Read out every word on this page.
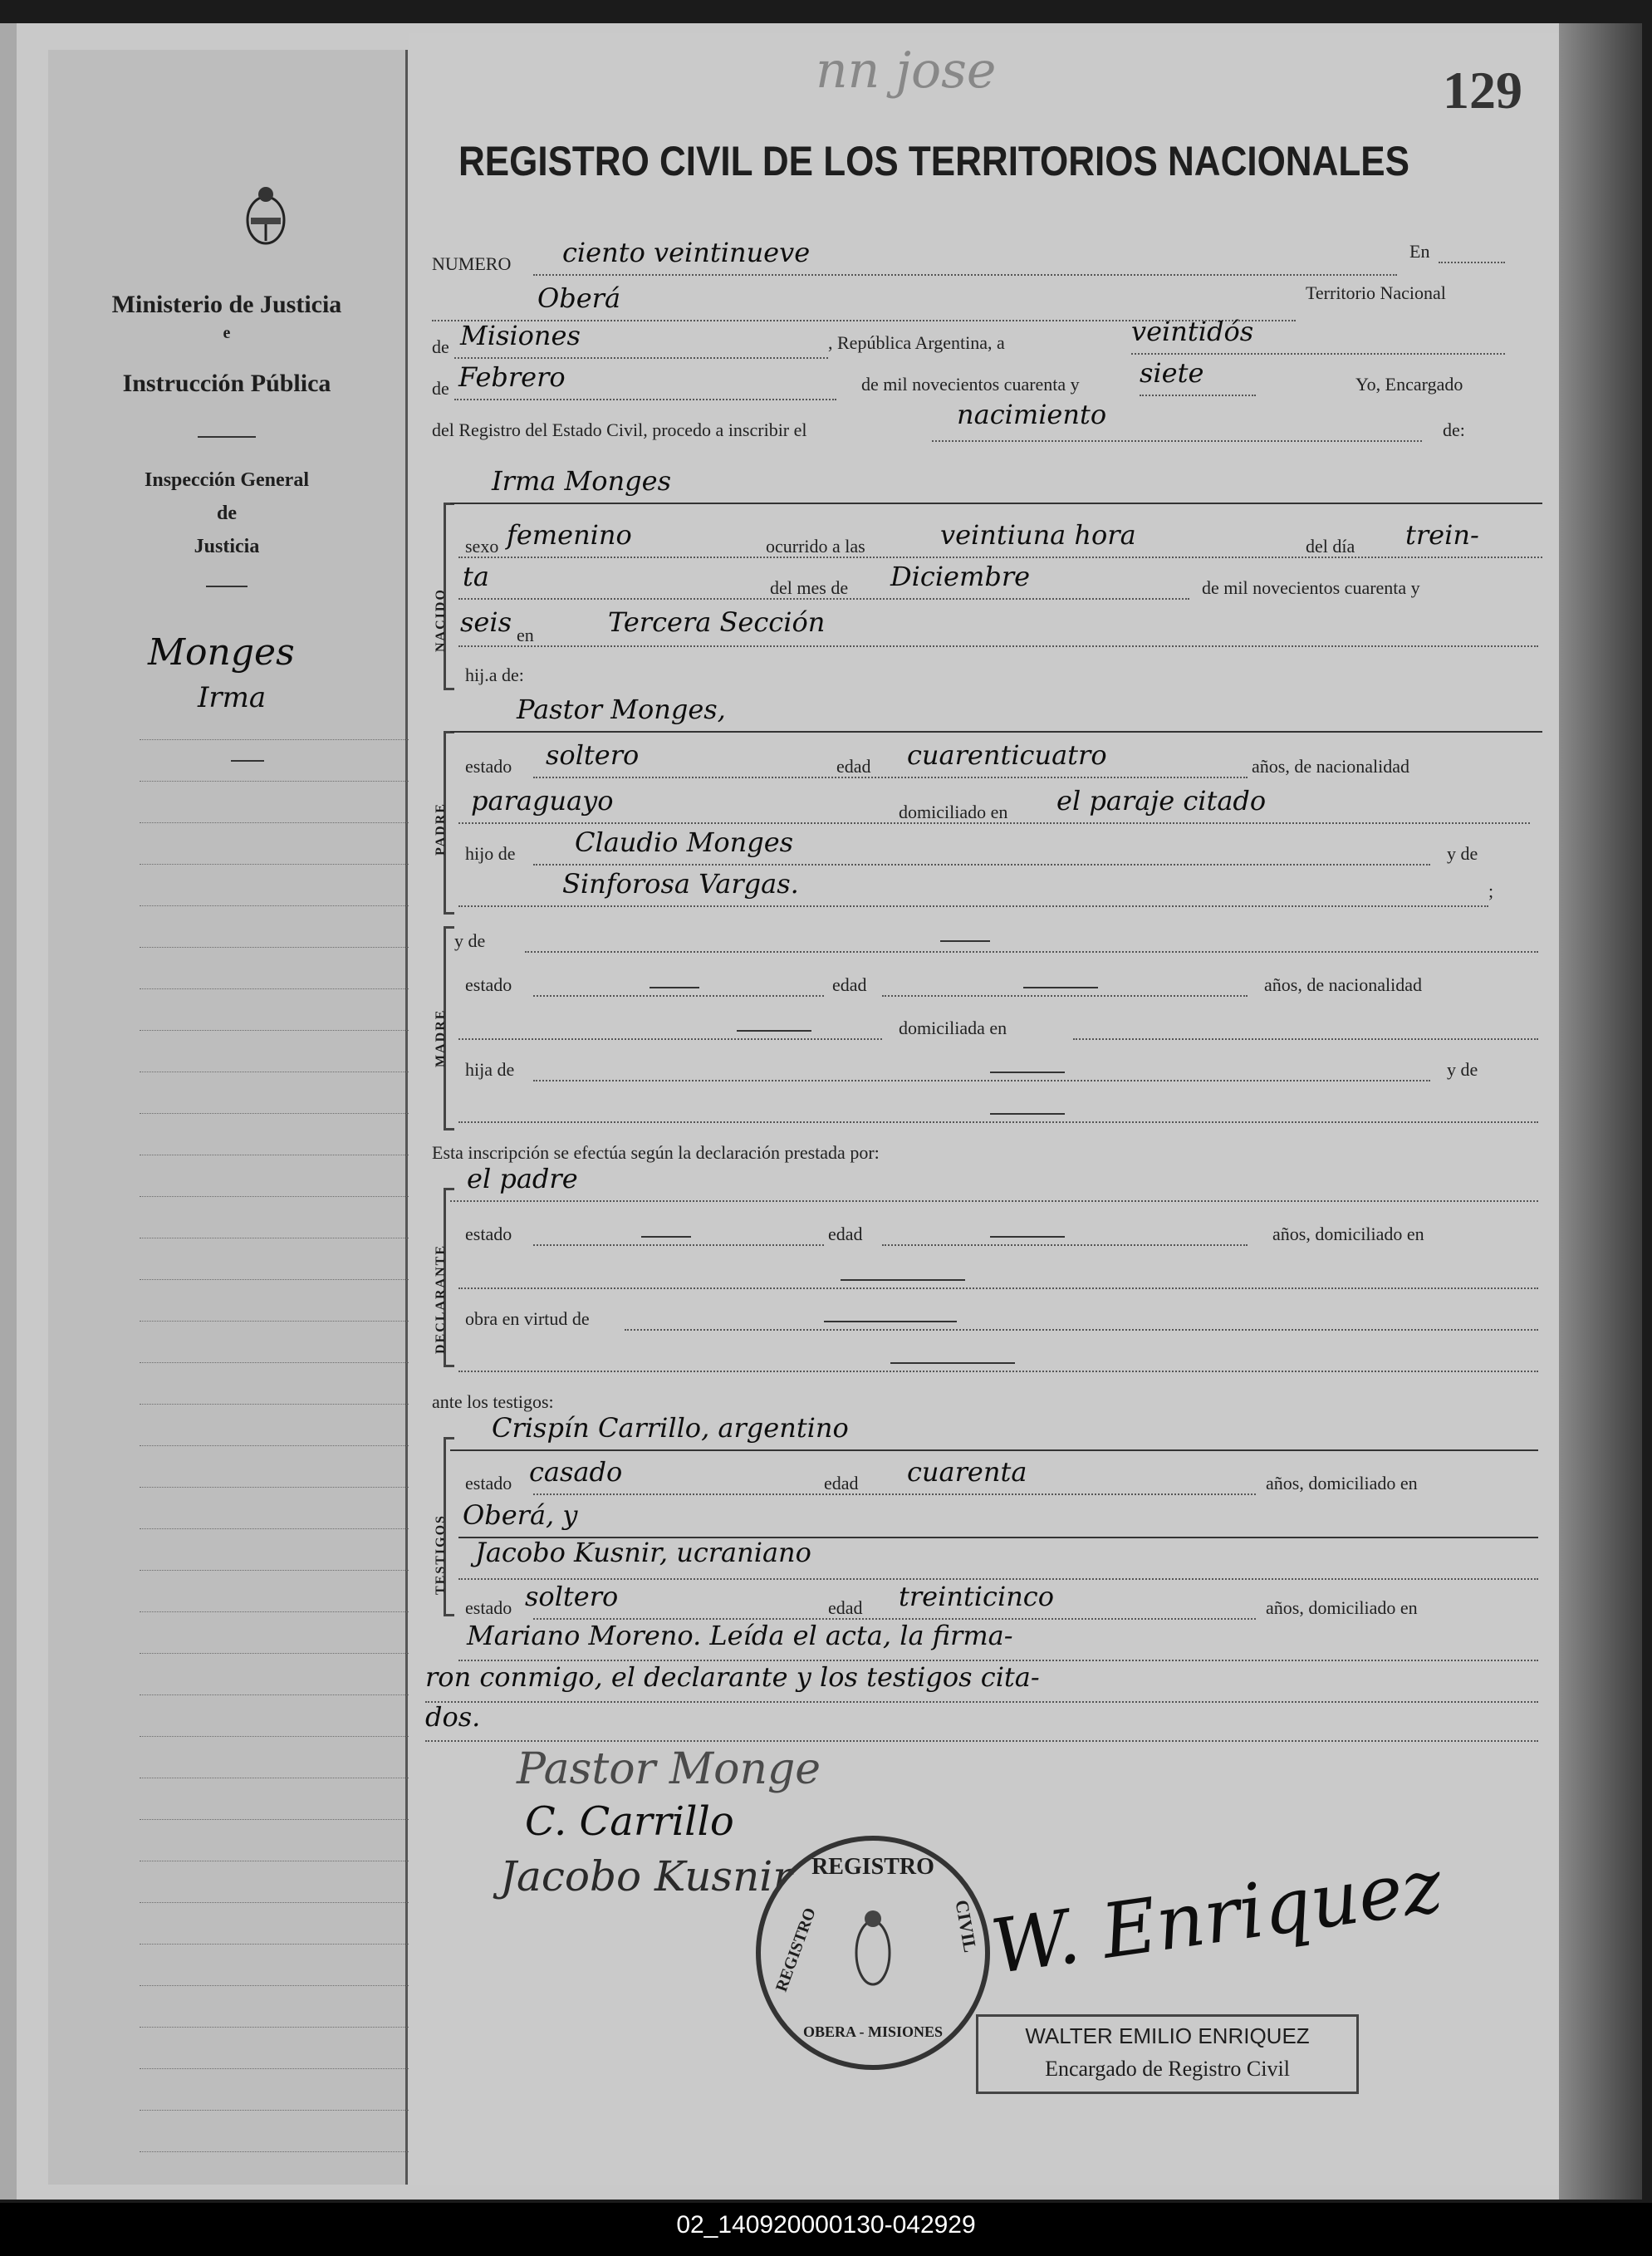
Ministerio de Justicia
e
Instrucción Pública
Inspección General
de
Justicia
Monges
Irma
nn jose	129
REGISTRO CIVIL DE LOS TERRITORIOS NACIONALES
NUMERO ciento veintinueve	En
Oberá	Territorio Nacional
de Misiones	, República Argentina, a	veintidós
de Febrero	de mil novecientos cuarenta y siete	Yo, Encargado
del Registro del Estado Civil, procedo a inscribir el	nacimiento	de:
NACIDO
Irma Monges
sexo femenino	ocurrido a las	veintiuna hora	del día trein-
ta	del mes de Diciembre	de mil novecientos cuarenta y
seis en	Tercera Sección
hij.a de:
PADRE
Pastor Monges,
estado soltero	edad cuarenticuatro	años, de nacionalidad
paraguayo	domiciliado en el paraje citado
hijo de Claudio Monges	y de
Sinforosa Vargas.	;
MADRE
y de
estado	edad	años, de nacionalidad
domiciliada en
hija de	y de
Esta inscripción se efectúa según la declaración prestada por:
DECLARANTE
el padre
estado	edad	años, domiciliado en
obra en virtud de
ante los testigos:
TESTIGOS
Crispín Carrillo, argentino
estado casado	edad cuarenta	años, domiciliado en
Oberá, y
Jacobo Kusnir, ucraniano
estado soltero	edad treinticinco	años, domiciliado en
Mariano Moreno. Leída el acta, la firma-
ron conmigo, el declarante y los testigos cita-
dos.
Pastor Monge
C. Carrillo
Jacobo Kusnir	W. Enriquez
REGISTRO
REGISTRO	CIVIL
OBERA - MISIONES	WALTER EMILIO ENRIQUEZ
Encargado de Registro Civil
02_140920000130-042929
